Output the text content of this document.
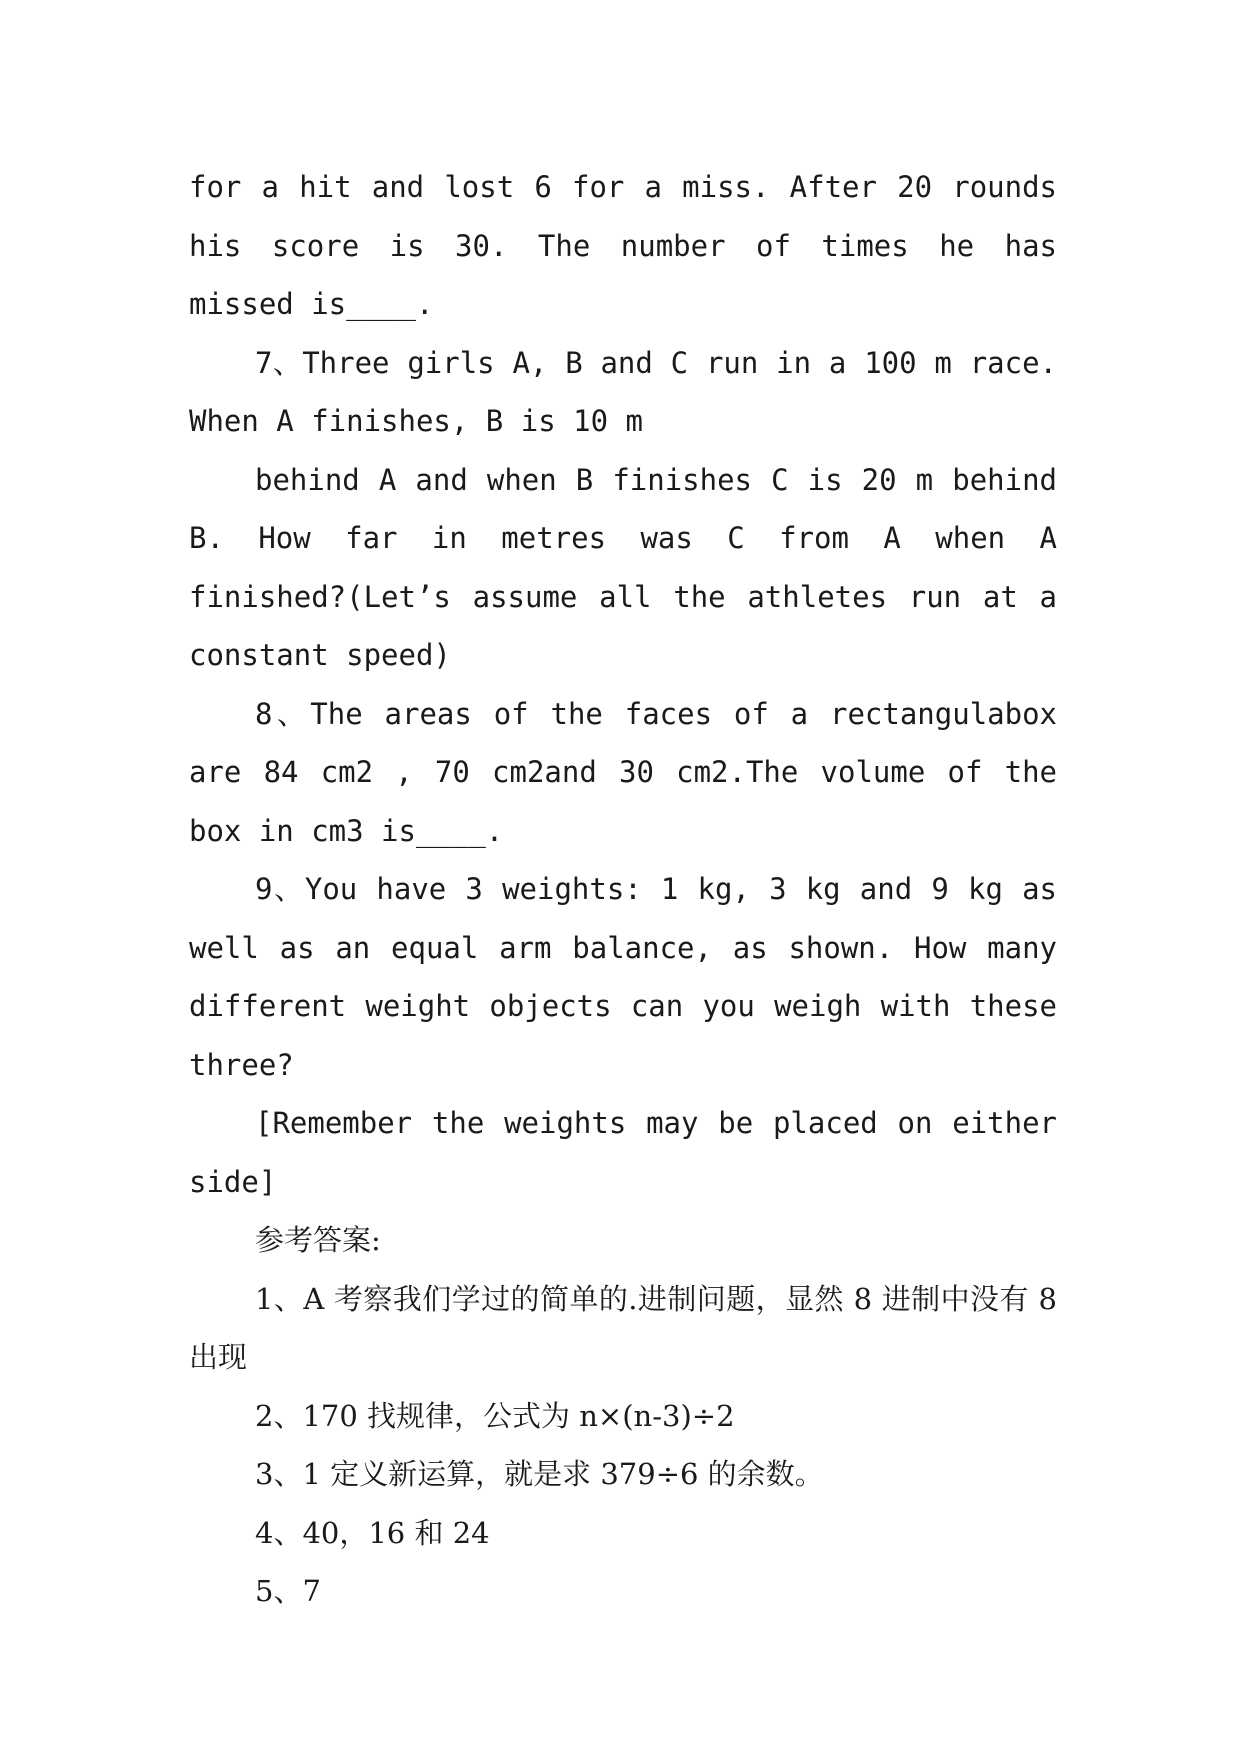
for a hit and lost 6 for a miss. After 20 rounds his score is 30. The number of times he has missed is____.

7、Three girls A, B and C run in a 100 m race. When A finishes, B is 10 m

behind A and when B finishes C is 20 m behind B. How far in metres was C from A when A finished?(Let’s assume all the athletes run at a constant speed)

8、The areas of the faces of a rectangulabox are 84 cm2 , 70 cm2and 30 cm2.The volume of the box in cm3 is____.

9、You have 3 weights: 1 kg, 3 kg and 9 kg as well as an equal arm balance, as shown. How many different weight objects can you weigh with these three?

[Remember the weights may be placed on either side]

参考答案:

1、A 考察我们学过的简单的.进制问题，显然 8 进制中没有 8 出现

2、170 找规律，公式为 n×(n-3)÷2

3、1 定义新运算，就是求 379÷6 的余数。

4、40，16 和 24

5、7
